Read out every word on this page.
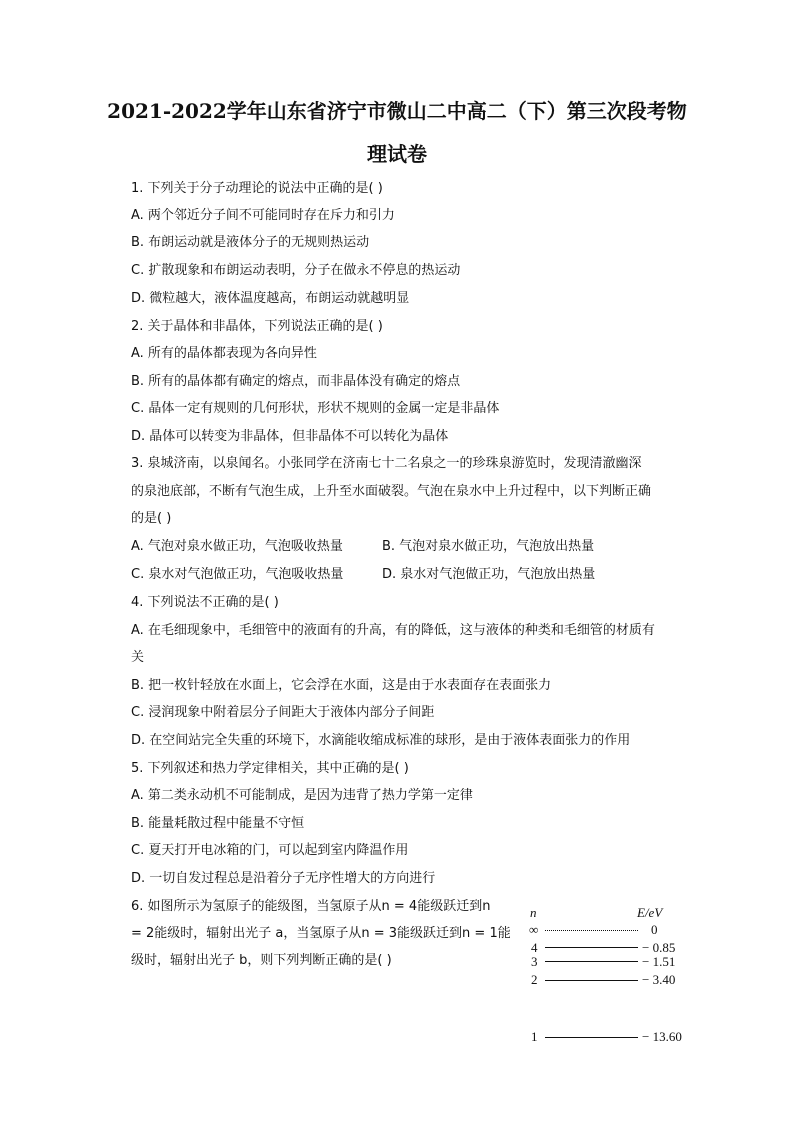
2021-2022学年山东省济宁市微山二中高二（下）第三次段考物
理试卷
1. 下列关于分子动理论的说法中正确的是( )
A. 两个邻近分子间不可能同时存在斥力和引力
B. 布朗运动就是液体分子的无规则热运动
C. 扩散现象和布朗运动表明，分子在做永不停息的热运动
D. 微粒越大，液体温度越高，布朗运动就越明显
2. 关于晶体和非晶体，下列说法正确的是( )
A. 所有的晶体都表现为各向异性
B. 所有的晶体都有确定的熔点，而非晶体没有确定的熔点
C. 晶体一定有规则的几何形状，形状不规则的金属一定是非晶体
D. 晶体可以转变为非晶体，但非晶体不可以转化为晶体
3. 泉城济南，以泉闻名。小张同学在济南七十二名泉之一的珍珠泉游览时，发现清澈幽深
的泉池底部，不断有气泡生成，上升至水面破裂。气泡在泉水中上升过程中，以下判断正确
的是( )
A. 气泡对泉水做正功，气泡吸收热量	B. 气泡对泉水做正功，气泡放出热量
C. 泉水对气泡做正功，气泡吸收热量	D. 泉水对气泡做正功，气泡放出热量
4. 下列说法不正确的是( )
A. 在毛细现象中，毛细管中的液面有的升高，有的降低，这与液体的种类和毛细管的材质有
关
B. 把一枚针轻放在水面上，它会浮在水面，这是由于水表面存在表面张力
C. 浸润现象中附着层分子间距大于液体内部分子间距
D. 在空间站完全失重的环境下，水滴能收缩成标准的球形，是由于液体表面张力的作用
5. 下列叙述和热力学定律相关，其中正确的是( )
A. 第二类永动机不可能制成，是因为违背了热力学第一定律
B. 能量耗散过程中能量不守恒
C. 夏天打开电冰箱的门，可以起到室内降温作用
D. 一切自发过程总是沿着分子无序性增大的方向进行
6. 如图所示为氢原子的能级图，当氢原子从n = 4能级跃迁到n
= 2能级时，辐射出光子 a，当氢原子从n = 3能级跃迁到n = 1能
级时，辐射出光子 b，则下列判断正确的是( )
n	E/eV
∞	0
4	− 0.85
3	− 1.51
2	− 3.40
1	− 13.60
